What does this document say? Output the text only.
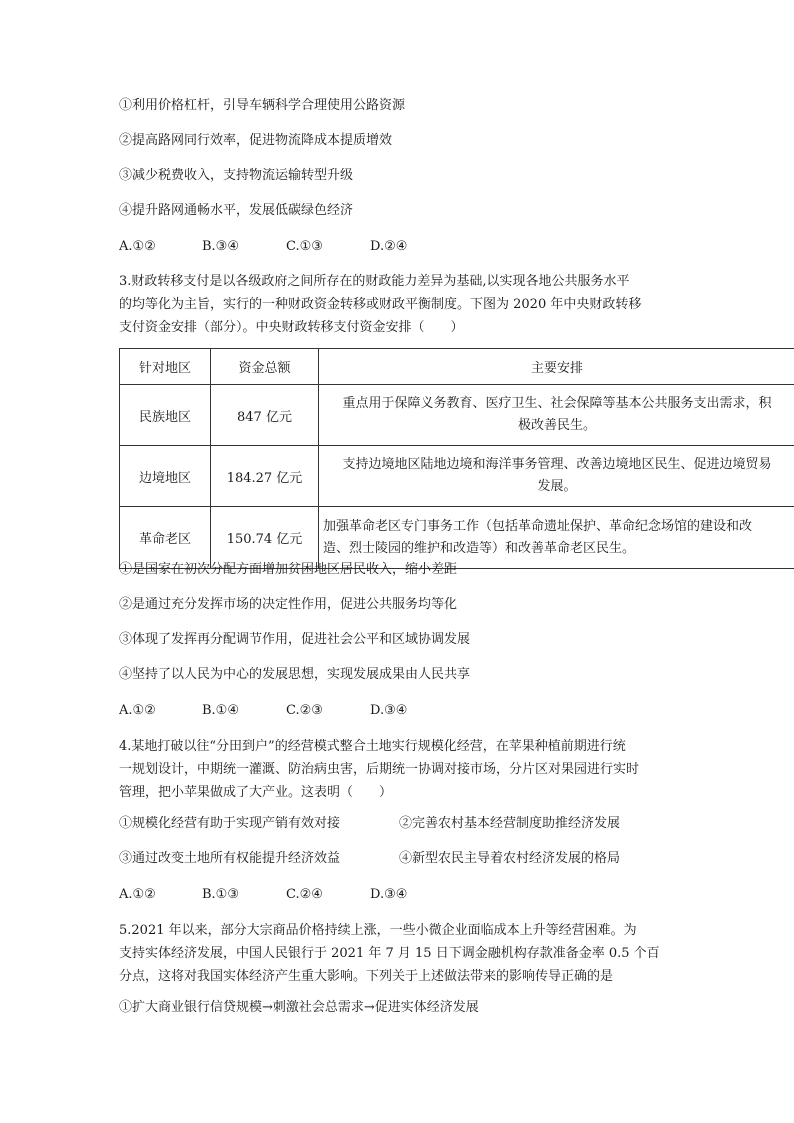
①利用价格杠杆，引导车辆科学合理使用公路资源
②提高路网同行效率，促进物流降成本提质增效
③减少税费收入，支持物流运输转型升级
④提升路网通畅水平，发展低碳绿色经济
A.①②	B.③④	C.①③	D.②④
3.财政转移支付是以各级政府之间所存在的财政能力差异为基础,以实现各地公共服务水平
的均等化为主旨，实行的一种财政资金转移或财政平衡制度。下图为 2020 年中央财政转移
支付资金安排（部分）。中央财政转移支付资金安排（　　）
针对地区	资金总额	主要安排
民族地区	847 亿元	重点用于保障义务教育、医疗卫生、社会保障等基本公共服务支出需求，积
极改善民生。

边境地区	184.27 亿元	支持边境地区陆地边境和海洋事务管理、改善边境地区民生、促进边境贸易
发展。

革命老区	150.74 亿元	加强革命老区专门事务工作（包括革命遗址保护、革命纪念场馆的建设和改
造、烈士陵园的维护和改造等）和改善革命老区民生。
①是国家在初次分配方面增加贫困地区居民收入，缩小差距
②是通过充分发挥市场的决定性作用，促进公共服务均等化
③体现了发挥再分配调节作用，促进社会公平和区域协调发展
④坚持了以人民为中心的发展思想，实现发展成果由人民共享
A.①②	B.①④	C.②③	D.③④
4.某地打破以往“分田到户”的经营模式整合土地实行规模化经营，在苹果种植前期进行统
一规划设计，中期统一灌溉、防治病虫害，后期统一协调对接市场，分片区对果园进行实时
管理，把小苹果做成了大产业。这表明（　　）
①规模化经营有助于实现产销有效对接	②完善农村基本经营制度助推经济发展
③通过改变土地所有权能提升经济效益	④新型农民主导着农村经济发展的格局
A.①②	B.①③	C.②④	D.③④
5.2021 年以来，部分大宗商品价格持续上涨，一些小微企业面临成本上升等经营困难。为
支持实体经济发展，中国人民银行于 2021 年 7 月 15 日下调金融机构存款准备金率 0.5 个百
分点，这将对我国实体经济产生重大影响。下列关于上述做法带来的影响传导正确的是
①扩大商业银行信贷规模→刺激社会总需求→促进实体经济发展
